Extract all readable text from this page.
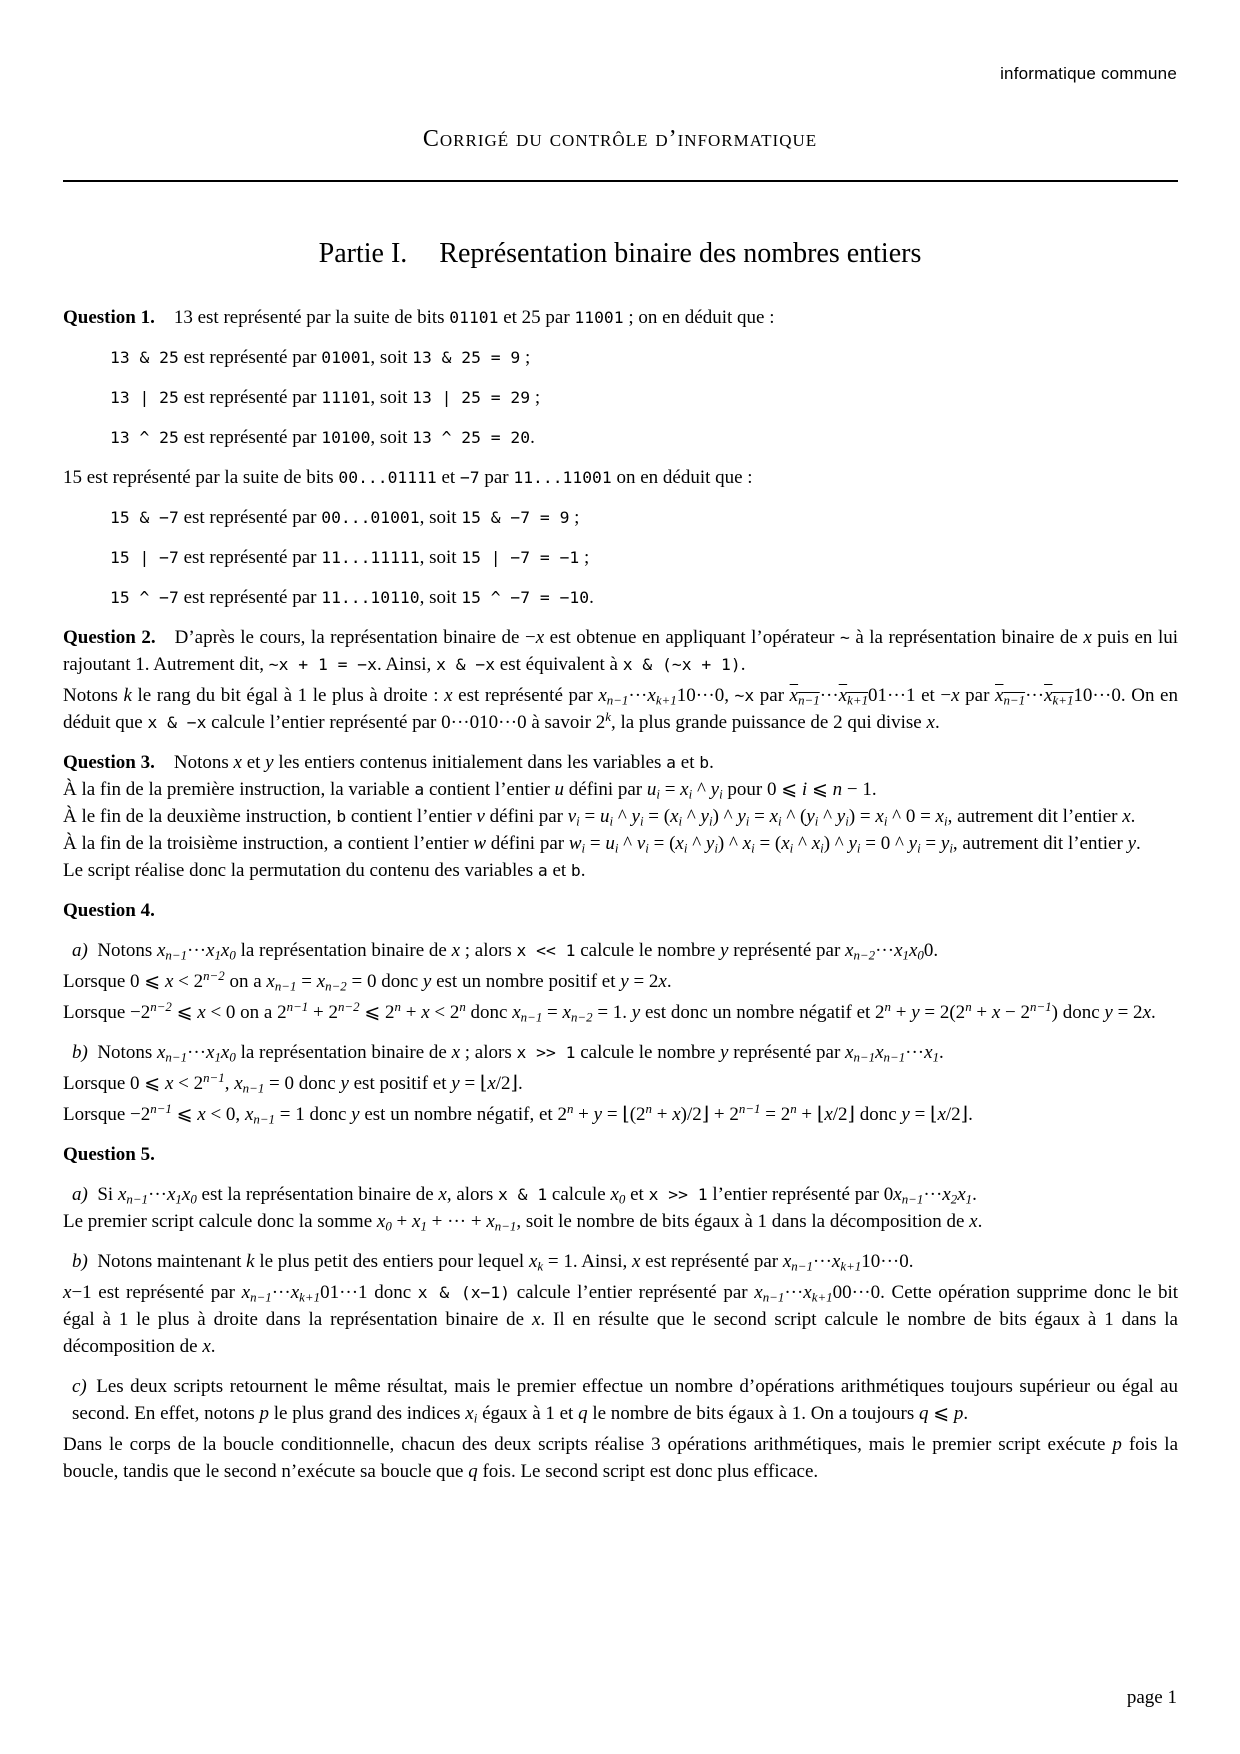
informatique commune
Corrigé du contrôle d’informatique
Partie I. Représentation binaire des nombres entiers
Question 1. 13 est représenté par la suite de bits 01101 et 25 par 11001 ; on en déduit que :
13 & 25 est représenté par 01001, soit 13 & 25 = 9 ;
13 | 25 est représenté par 11101, soit 13 | 25 = 29 ;
13 ^ 25 est représenté par 10100, soit 13 ^ 25 = 20.
15 est représenté par la suite de bits 00...01111 et −7 par 11...11001 on en déduit que :
15 & −7 est représenté par 00...01001, soit 15 & −7 = 9 ;
15 | −7 est représenté par 11...11111, soit 15 | −7 = −1 ;
15 ^ −7 est représenté par 11...10110, soit 15 ^ −7 = −10.
Question 2. D’après le cours, la représentation binaire de −x est obtenue en appliquant l’opérateur ~ à la représentation binaire de x puis en lui rajoutant 1. Autrement dit, ~x + 1 = −x. Ainsi, x & −x est équivalent à x & (~x + 1).
Notons k le rang du bit égal à 1 le plus à droite : x est représenté par $x_{n-1}\cdot\cdot\cdot x_{k+1}10\cdot\cdot\cdot 0$, ~x par $x_{n-1}\cdot\cdot\cdot x_{k+1}01\cdot\cdot\cdot 1$ et −x par $x_{n-1}\cdot\cdot\cdot x_{k+1}10\cdot\cdot\cdot 0$. On en déduit que x & −x calcule l’entier représenté par 0···010···0 à savoir 2$^k$, la plus grande puissance de 2 qui divise x.
Question 3. Notons x et y les entiers contenus initialement dans les variables a et b.
À la fin de la première instruction, la variable a contient l’entier u défini par $u_i = x_i$ ^ $y_i$ pour 0 ⩽ i ⩽ n − 1.
À le fin de la deuxième instruction, b contient l’entier v défini par $v_i = u_i$ ^ $y_i = (x_i$ ^ $y_i$) ^ $y_i = x_i$ ^ ($y_i$ ^ $y_i) = x_i$ ^ $0 = x_i$, autrement dit l’entier x.
À la fin de la troisième instruction, a contient l’entier w défini par $w_i = u_i$ ^ $v_i = (x_i$ ^ $y_i$) ^ $x_i = (x_i$ ^ $x_i$) ^ $y_i = 0$ ^ $y_i = y_i$, autrement dit l’entier y.
Le script réalise donc la permutation du contenu des variables a et b.
Question 4.
a) Notons $x_{n-1}\cdot\cdot\cdot x_1x_0$ la représentation binaire de x ; alors x << 1 calcule le nombre y représenté par $x_{n-2}\cdot\cdot\cdot x_1x_00$.
Lorsque 0 ⩽ $x < 2^{n-2}$ on a $x_{n-1} = x_{n-2} = 0$ donc y est un nombre positif et y = 2x.
Lorsque $-2^{n-2}$ ⩽ x < 0 on a $2^{n-1} + 2^{n-2}$ ⩽ $2^n + x < 2^n$ donc $x_{n-1} = x_{n-2} = 1$. y est donc un nombre négatif et $2^n + y = 2(2^n + x - 2^{n-1})$ donc y = 2x.
b) Notons $x_{n-1}\cdot\cdot\cdot x_1x_0$ la représentation binaire de x ; alors x >> 1 calcule le nombre y représenté par $x_{n-1}x_{n-1}\cdot\cdot\cdot x_1$.
Lorsque 0 ⩽ $x < 2^{n-1}$, $x_{n-1} = 0$ donc y est positif et y = ⌊x/2⌋.
Lorsque $-2^{n-1}$ ⩽ x < 0, $x_{n-1} = 1$ donc y est un nombre négatif, et $2^n + y$ = $⌊(2^n$ + x)/2⌋ + $2^{n-1} = 2^n$ + ⌊x/2⌋ donc y = ⌊x/2⌋.
Question 5.
a) Si $x_{n-1}\cdot\cdot\cdot x_1x_0$ est la représentation binaire de x, alors x & 1 calcule $x_0$ et x >> 1 l’entier représenté par $0x_{n-1}\cdot\cdot\cdot x_2x_1$.
Le premier script calcule donc la somme $x_0 + x_1$ + ··· + $x_{n-1}$, soit le nombre de bits égaux à 1 dans la décomposition de x.
b) Notons maintenant k le plus petit des entiers pour lequel $x_k = 1$. Ainsi, x est représenté par $x_{n-1}\cdot\cdot\cdot x_{k+1}10\cdot\cdot\cdot 0$.
x−1 est représenté par $x_{n-1}\cdot\cdot\cdot x_{k+1}01\cdot\cdot\cdot 1$ donc x & (x−1) calcule l’entier représenté par $x_{n-1}\cdot\cdot\cdot x_{k+1}00\cdot\cdot\cdot 0$. Cette opération supprime donc le bit égal à 1 le plus à droite dans la représentation binaire de x. Il en résulte que le second script calcule le nombre de bits égaux à 1 dans la décomposition de x.
c) Les deux scripts retournent le même résultat, mais le premier effectue un nombre d’opérations arithmétiques toujours supérieur ou égal au second. En effet, notons p le plus grand des indices $x_i$ égaux à 1 et q le nombre de bits égaux à 1. On a toujours q ⩽ p.
Dans le corps de la boucle conditionnelle, chacun des deux scripts réalise 3 opérations arithmétiques, mais le premier script exécute p fois la boucle, tandis que le second n’exécute sa boucle que q fois. Le second script est donc plus efficace.
page 1
